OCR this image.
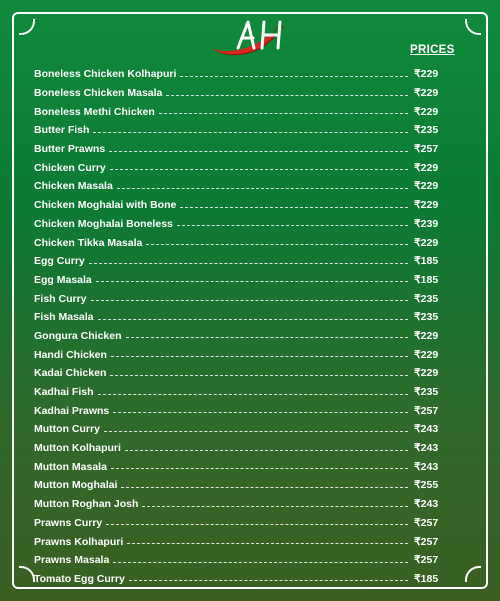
PRICES
Boneless Chicken Kolhapuri	₹229
Boneless Chicken Masala	₹229
Boneless Methi Chicken	₹229
Butter Fish	₹235
Butter Prawns	₹257
Chicken Curry	₹229
Chicken Masala	₹229
Chicken Moghalai with Bone	₹229
Chicken Moghalai Boneless	₹239
Chicken Tikka Masala	₹229
Egg Curry	₹185
Egg Masala	₹185
Fish Curry	₹235
Fish Masala	₹235
Gongura Chicken	₹229
Handi Chicken	₹229
Kadai Chicken	₹229
Kadhai Fish	₹235
Kadhai Prawns	₹257
Mutton Curry	₹243
Mutton Kolhapuri	₹243
Mutton Masala	₹243
Mutton Moghalai	₹255
Mutton Roghan Josh	₹243
Prawns Curry	₹257
Prawns Kolhapuri	₹257
Prawns Masala	₹257
Tomato Egg Curry	₹185
